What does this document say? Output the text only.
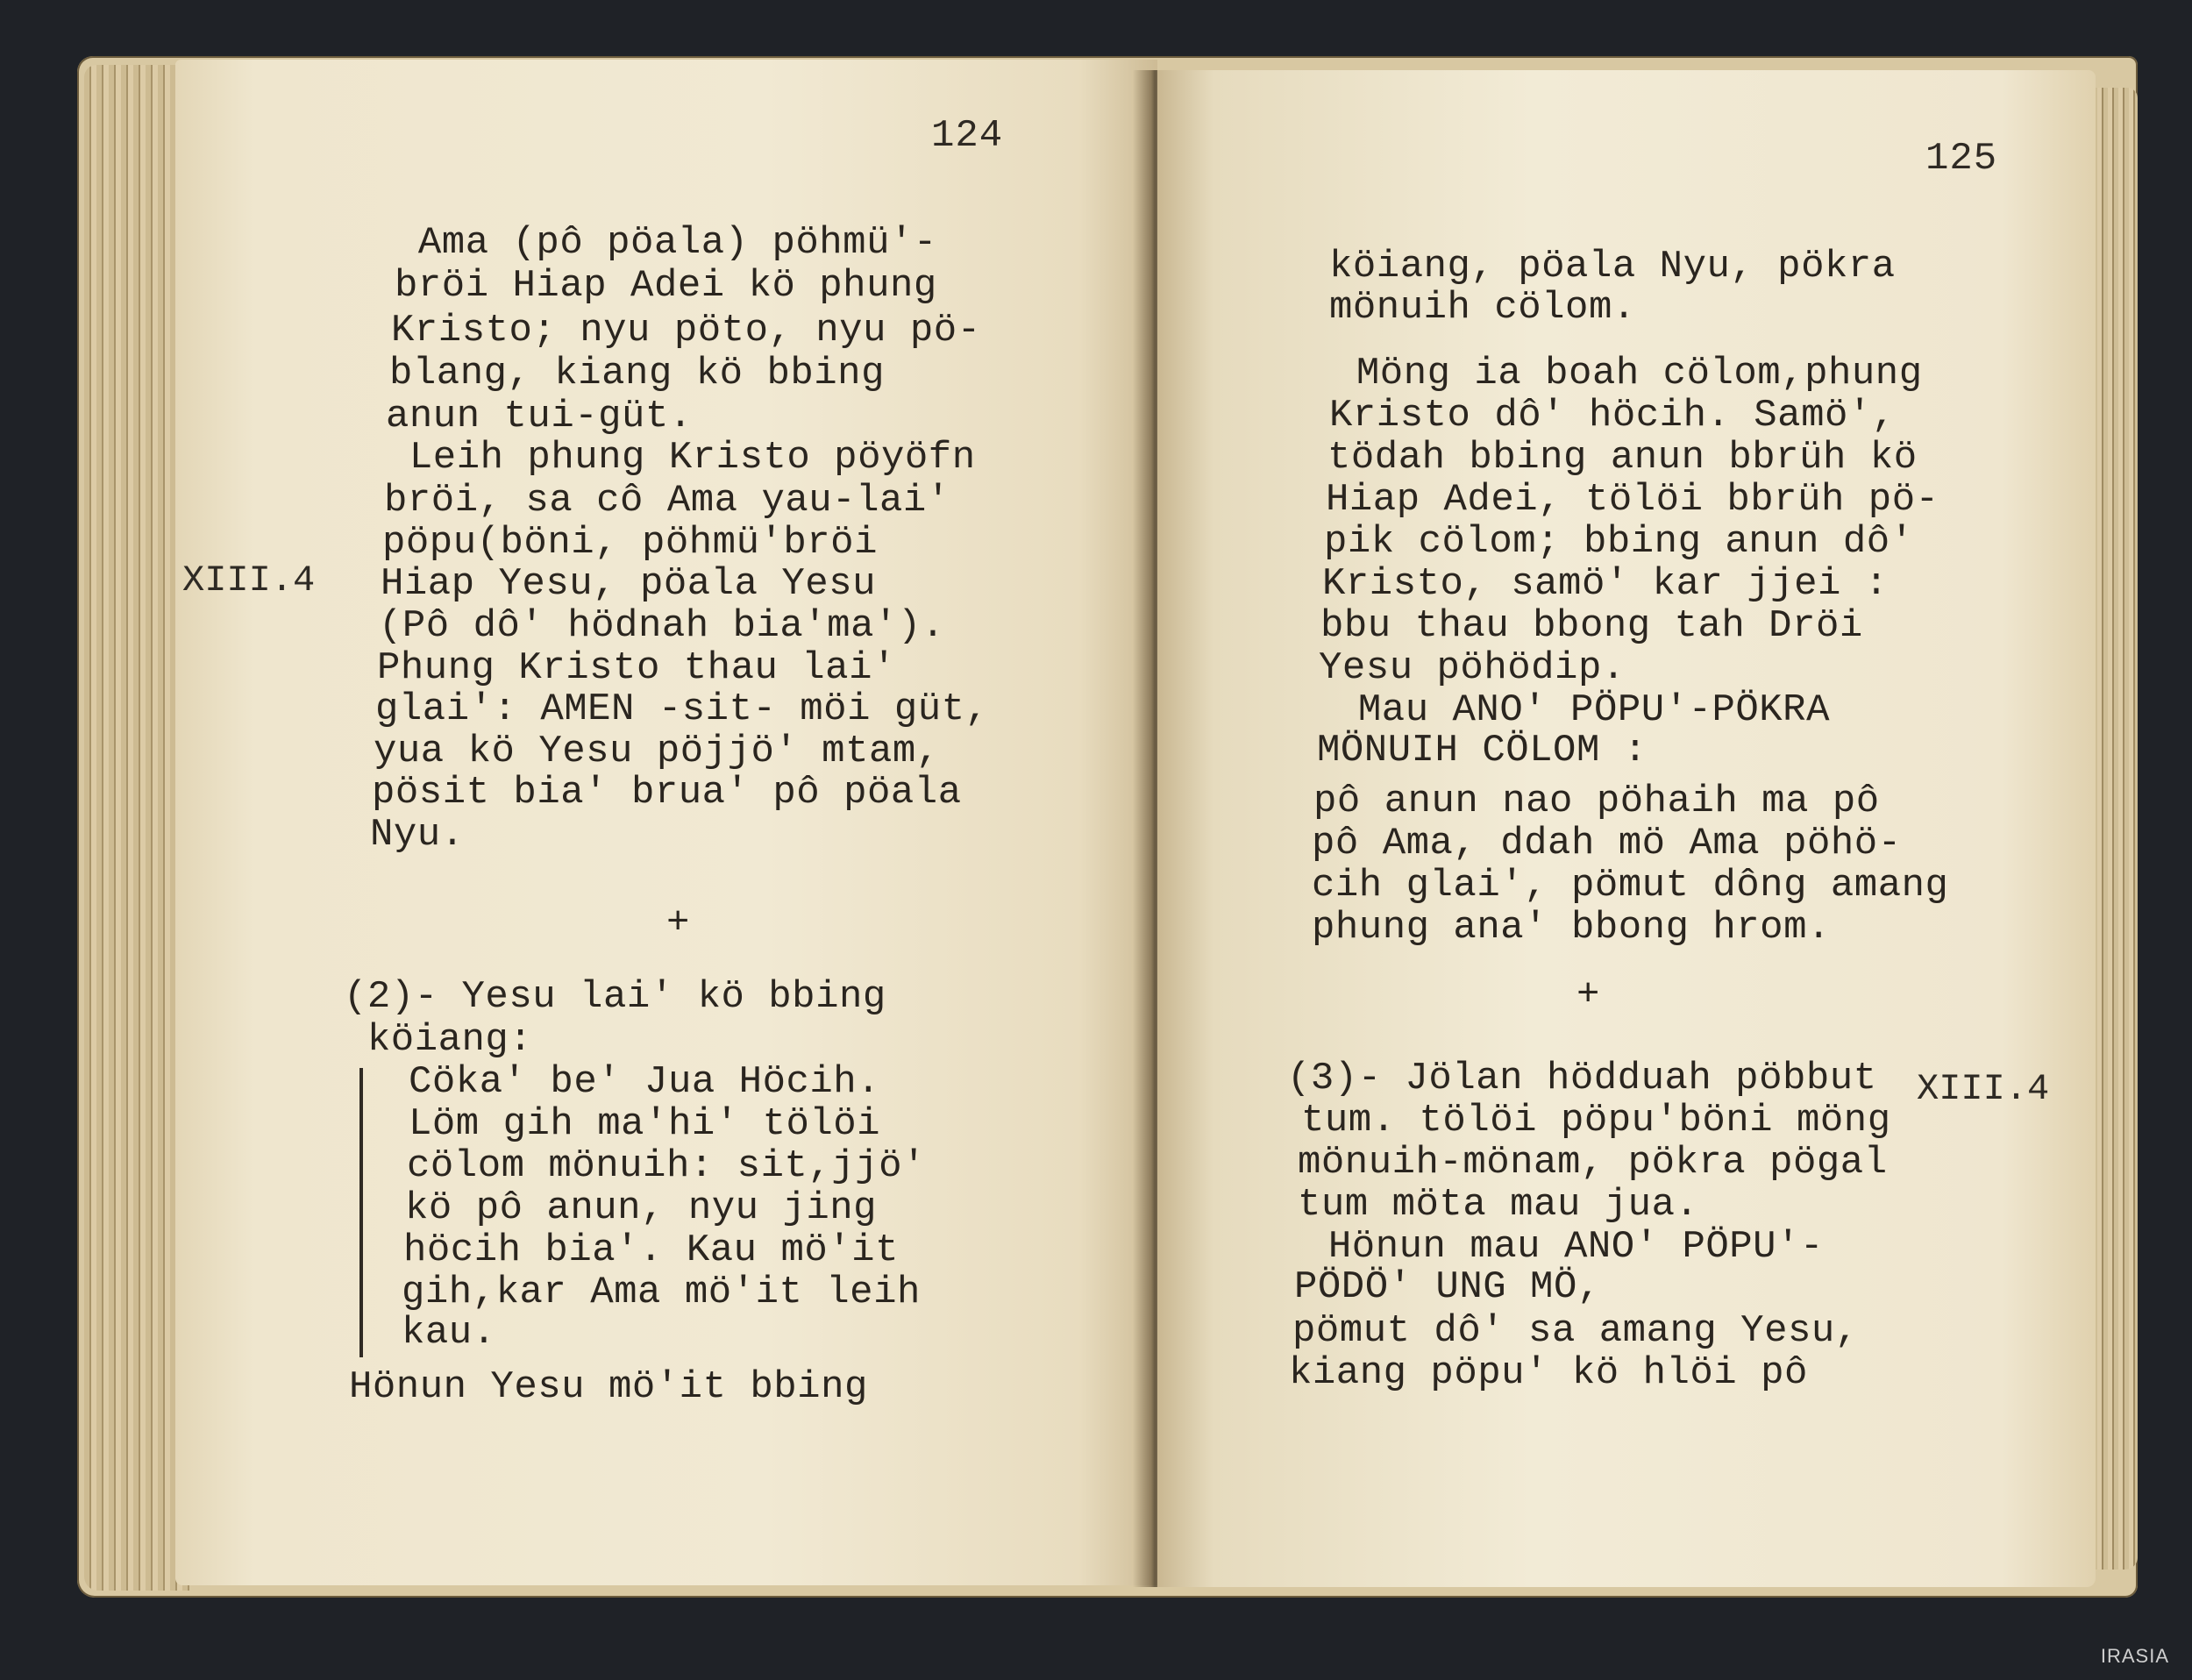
124
Ama (pô pöala) pöhmü'-
bröi Hiap Adei kö phung
Kristo; nyu pöto, nyu pö-
blang, kiang kö bbing
anun tui-güt.
Leih phung Kristo pöyöfn
bröi, sa cô Ama yau-lai'
pöpu(böni, pöhmü'bröi
Hiap Yesu, pöala Yesu
(Pô dô' hödnah bia'ma').
Phung Kristo thau lai'
glai': AMEN -sit- möi güt,
yua kö Yesu pöjjö' mtam,
pösit bia' brua' pô pöala
Nyu.
+
(2)- Yesu lai' kö bbing
köiang:
Cöka' be' Jua Höcih.
Löm gih ma'hi' tölöi
cölom mönuih: sit,jjö'
kö pô anun, nyu jing
höcih bia'. Kau mö'it
gih,kar Ama mö'it leih
kau.
Hönun Yesu mö'it bbing
XIII.4
125
köiang, pöala Nyu, pökra
mönuih cölom.
Möng ia boah cölom,phung
Kristo dô' höcih. Samö',
tödah bbing anun bbrüh kö
Hiap Adei, tölöi bbrüh pö-
pik cölom; bbing anun dô'
Kristo, samö' kar jjei :
bbu thau bbong tah Dröi
Yesu pöhödip.
Mau ANO' PÖPU'-PÖKRA
MÖNUIH CÖLOM :
pô anun nao pöhaih ma pô
pô Ama, ddah mö Ama pöhö-
cih glai', pömut dông amang
phung ana' bbong hrom.
+
(3)- Jölan hödduah pöbbut
tum. tölöi pöpu'böni möng
mönuih-mönam, pökra pögal
tum möta mau jua.
Hönun mau ANO' PÖPU'-
PÖDÖ' UNG MÖ,
pömut dô' sa amang Yesu,
kiang pöpu' kö hlöi pô
XIII.4
IRASIA
